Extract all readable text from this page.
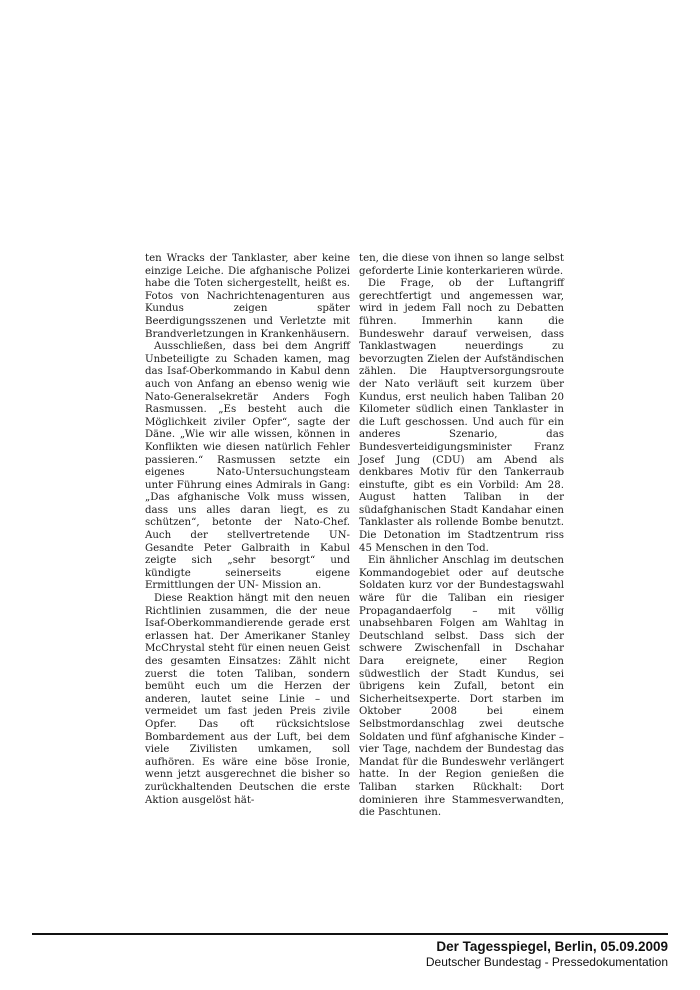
ten Wracks der Tanklaster, aber keine einzige Leiche. Die afghanische Polizei habe die Toten sichergestellt, heißt es. Fotos von Nachrichtenagenturen aus Kundus zeigen später Beerdigungsszenen und Verletzte mit Brandverletzungen in Krankenhäusern.

Ausschließen, dass bei dem Angriff Unbeteiligte zu Schaden kamen, mag das Isaf-Oberkommando in Kabul denn auch von Anfang an ebenso wenig wie Nato-Generalsekretär Anders Fogh Rasmussen. „Es besteht auch die Möglichkeit ziviler Opfer“, sagte der Däne. „Wie wir alle wissen, können in Konflikten wie diesen natürlich Fehler passieren.“ Rasmussen setzte ein eigenes Nato-Untersuchungsteam unter Führung eines Admirals in Gang: „Das afghanische Volk muss wissen, dass uns alles daran liegt, es zu schützen“, betonte der Nato-Chef. Auch der stellvertretende UN-Gesandte Peter Galbraith in Kabul zeigte sich „sehr besorgt“ und kündigte seinerseits eigene Ermittlungen der UN- Mission an.

Diese Reaktion hängt mit den neuen Richtlinien zusammen, die der neue Isaf-Oberkommandierende gerade erst erlassen hat. Der Amerikaner Stanley McChrystal steht für einen neuen Geist des gesamten Einsatzes: Zählt nicht zuerst die toten Taliban, sondern bemüht euch um die Herzen der anderen, lautet seine Linie – und vermeidet um fast jeden Preis zivile Opfer. Das oft rücksichtslose Bombardement aus der Luft, bei dem viele Zivilisten umkamen, soll aufhören. Es wäre eine böse Ironie, wenn jetzt ausgerechnet die bisher so zurückhaltenden Deutschen die erste Aktion ausgelöst hät-

ten, die diese von ihnen so lange selbst geforderte Linie konterkarieren würde.

Die Frage, ob der Luftangriff gerechtfertigt und angemessen war, wird in jedem Fall noch zu Debatten führen. Immerhin kann die Bundeswehr darauf verweisen, dass Tanklastwagen neuerdings zu bevorzugten Zielen der Aufständischen zählen. Die Hauptversorgungsroute der Nato verläuft seit kurzem über Kundus, erst neulich haben Taliban 20 Kilometer südlich einen Tanklaster in die Luft geschossen. Und auch für ein anderes Szenario, das Bundesverteidigungsminister Franz Josef Jung (CDU) am Abend als denkbares Motiv für den Tankerraub einstufte, gibt es ein Vorbild: Am 28. August hatten Taliban in der südafghanischen Stadt Kandahar einen Tanklaster als rollende Bombe benutzt. Die Detonation im Stadtzentrum riss 45 Menschen in den Tod.

Ein ähnlicher Anschlag im deutschen Kommandogebiet oder auf deutsche Soldaten kurz vor der Bundestagswahl wäre für die Taliban ein riesiger Propagandaerfolg – mit völlig unabsehbaren Folgen am Wahltag in Deutschland selbst. Dass sich der schwere Zwischenfall in Dschahar Dara ereignete, einer Region südwestlich der Stadt Kundus, sei übrigens kein Zufall, betont ein Sicherheitsexperte. Dort starben im Oktober 2008 bei einem Selbstmordanschlag zwei deutsche Soldaten und fünf afghanische Kinder – vier Tage, nachdem der Bundestag das Mandat für die Bundeswehr verlängert hatte. In der Region genießen die Taliban starken Rückhalt: Dort dominieren ihre Stammesverwandten, die Paschtunen.

Der Tagesspiegel, Berlin, 05.09.2009
Deutscher Bundestag - Pressedokumentation
